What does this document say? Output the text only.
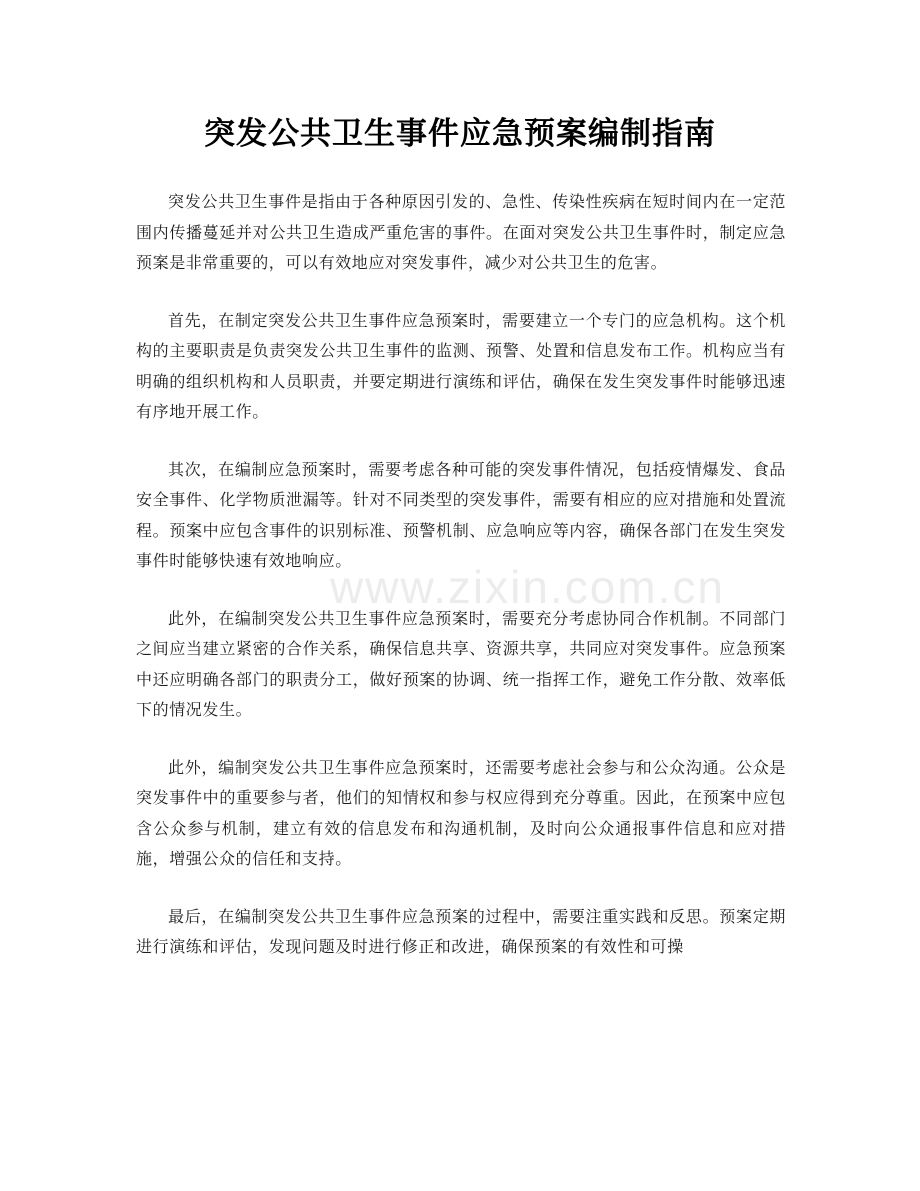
突发公共卫生事件应急预案编制指南

突发公共卫生事件是指由于各种原因引发的、急性、传染性疾病在短时间内在一定范围内传播蔓延并对公共卫生造成严重危害的事件。在面对突发公共卫生事件时，制定应急预案是非常重要的，可以有效地应对突发事件，减少对公共卫生的危害。

首先，在制定突发公共卫生事件应急预案时，需要建立一个专门的应急机构。这个机构的主要职责是负责突发公共卫生事件的监测、预警、处置和信息发布工作。机构应当有明确的组织机构和人员职责，并要定期进行演练和评估，确保在发生突发事件时能够迅速有序地开展工作。

其次，在编制应急预案时，需要考虑各种可能的突发事件情况，包括疫情爆发、食品安全事件、化学物质泄漏等。针对不同类型的突发事件，需要有相应的应对措施和处置流程。预案中应包含事件的识别标准、预警机制、应急响应等内容，确保各部门在发生突发事件时能够快速有效地响应。

此外，在编制突发公共卫生事件应急预案时，需要充分考虑协同合作机制。不同部门之间应当建立紧密的合作关系，确保信息共享、资源共享，共同应对突发事件。应急预案中还应明确各部门的职责分工，做好预案的协调、统一指挥工作，避免工作分散、效率低下的情况发生。

此外，编制突发公共卫生事件应急预案时，还需要考虑社会参与和公众沟通。公众是突发事件中的重要参与者，他们的知情权和参与权应得到充分尊重。因此，在预案中应包含公众参与机制，建立有效的信息发布和沟通机制，及时向公众通报事件信息和应对措施，增强公众的信任和支持。

最后，在编制突发公共卫生事件应急预案的过程中，需要注重实践和反思。预案定期进行演练和评估，发现问题及时进行修正和改进，确保预案的有效性和可操

www.zixin.com.cn
